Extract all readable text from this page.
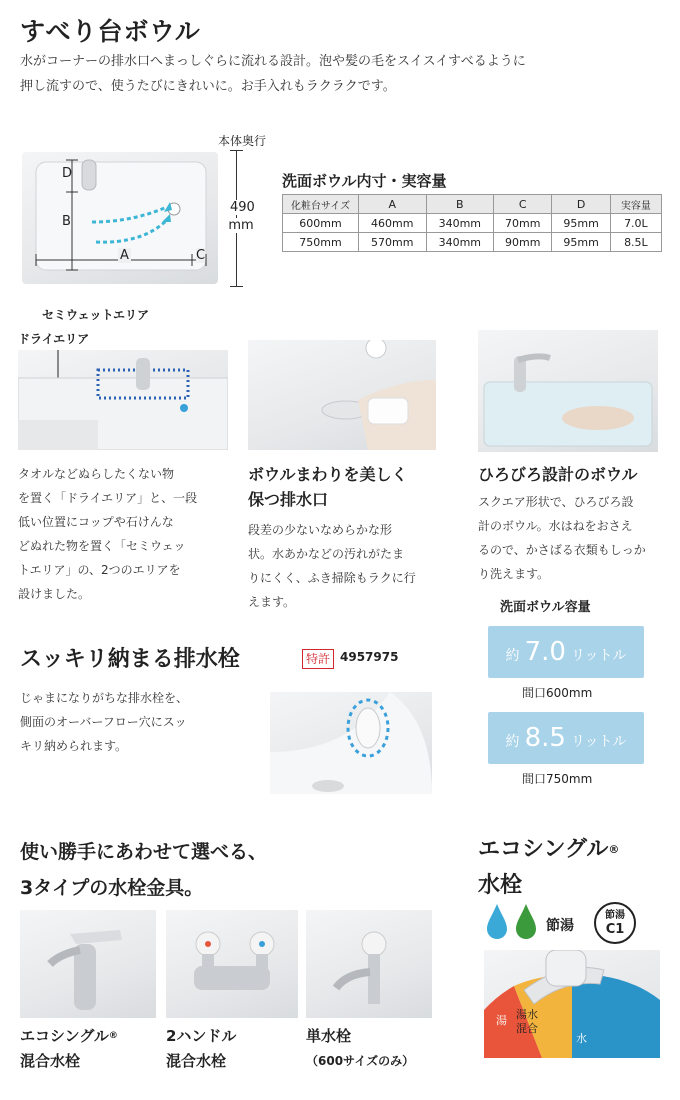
すべり台ボウル
水がコーナーの排水口へまっしぐらに流れる設計。泡や髪の毛をスイスイすべるように
押し流すので、使うたびにきれいに。お手入れもラクラクです。
D
B
A	C
本体奥行
490
mm
洗面ボウル内寸・実容量
化粧台サイズ	A	B	C	D	実容量
600mm	460mm	340mm	70mm	95mm	7.0L
750mm	570mm	340mm	90mm	95mm	8.5L
セミウェットエリア
ドライエリア
タオルなどぬらしたくない物
を置く「ドライエリア」と、一段
低い位置にコップや石けんな
どぬれた物を置く「セミウェッ
トエリア」の、2つのエリアを
設けました。
ボウルまわりを美しく
保つ排水口
段差の少ないなめらかな形
状。水あかなどの汚れがたま
りにくく、ふき掃除もラクに行
えます。
ひろびろ設計のボウル
スクエア形状で、ひろびろ設
計のボウル。水はねをおさえ
るので、かさばる衣類もしっか
り洗えます。
スッキリ納まる排水栓	特許 4957975
じゃまになりがちな排水栓を、
側面のオーバーフロー穴にスッ
キリ納められます。
洗面ボウル容量
約 7.0 リットル
間口600mm
約 8.5 リットル
間口750mm
使い勝手にあわせて選べる、
3タイプの水栓金具。
エコシングル®
混合水栓
2ハンドル
混合水栓
単水栓
（600サイズのみ）
エコシングル®
水栓
節湯
節湯
C1
湯 湯水
混合
水
